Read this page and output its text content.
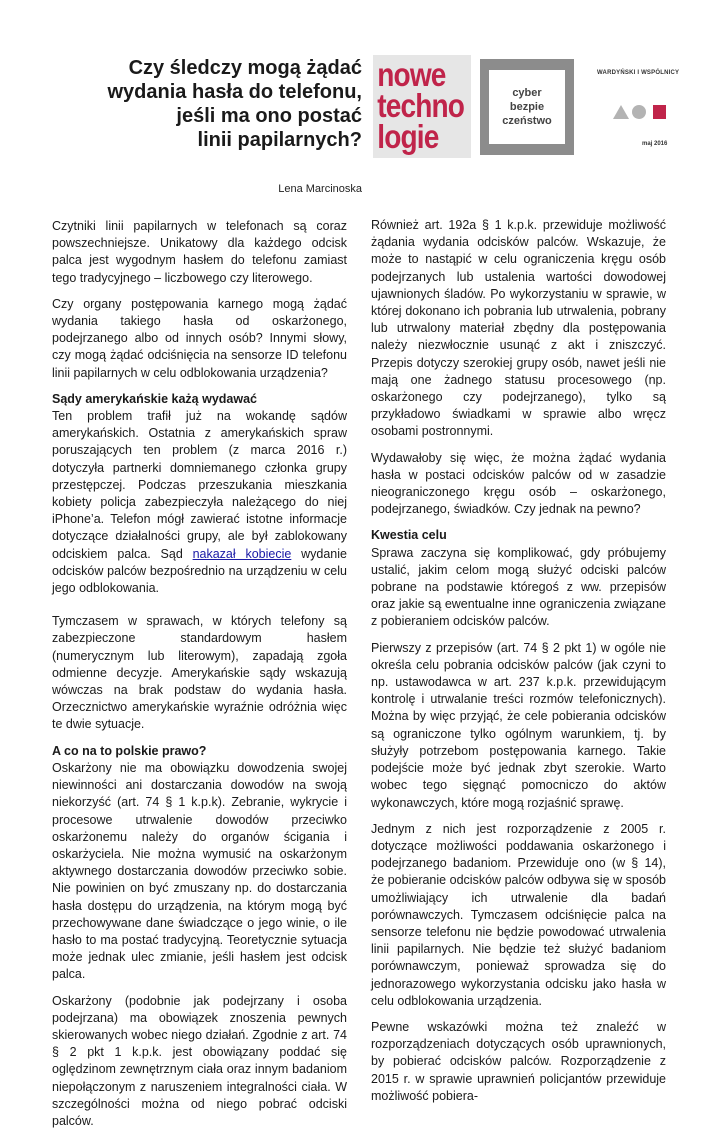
Czy śledczy mogą żądać
wydania hasła do telefonu,
jeśli ma ono postać
linii papilarnych?
nowe
techno
logie
cyber
bezpie
czeństwo
WARDYŃSKI I WSPÓLNICY
maj 2016
Lena Marcinoska

Czytniki linii papilarnych w telefonach są coraz powszechniejsze. Unikatowy dla każdego odcisk palca jest wygodnym hasłem do telefonu zamiast tego tradycyjnego – liczbowego czy literowego.

Czy organy postępowania karnego mogą żądać wydania takiego hasła od oskarżonego, podejrzanego albo od innych osób? Innymi słowy, czy mogą żądać odciśnięcia na sensorze ID telefonu linii papilarnych w celu odblokowania urządzenia?

Sądy amerykańskie każą wydawać

Ten problem trafił już na wokandę sądów amerykańskich. Ostatnia z amerykańskich spraw poruszających ten problem (z marca 2016 r.) dotyczyła partnerki domniemanego członka grupy przestępczej. Podczas przeszukania mieszkania kobiety policja zabezpieczyła należącego do niej iPhone’a. Telefon mógł zawierać istotne informacje dotyczące działalności grupy, ale był zablokowany odciskiem palca. Sąd nakazał kobiecie wydanie odcisków palców bezpośrednio na urządzeniu w celu jego odblokowania.

Tymczasem w sprawach, w których telefony są zabezpieczone standardowym hasłem (numerycznym lub literowym), zapadają zgoła odmienne decyzje. Amerykańskie sądy wskazują wówczas na brak podstaw do wydania hasła. Orzecznictwo amerykańskie wyraźnie odróżnia więc te dwie sytuacje.

A co na to polskie prawo?

Oskarżony nie ma obowiązku dowodzenia swojej niewinności ani dostarczania dowodów na swoją niekorzyść (art. 74 § 1 k.p.k). Zebranie, wykrycie i procesowe utrwalenie dowodów przeciwko oskarżonemu należy do organów ścigania i oskarżyciela. Nie można wymusić na oskarżonym aktywnego dostarczania dowodów przeciwko sobie. Nie powinien on być zmuszany np. do dostarczania hasła dostępu do urządzenia, na którym mogą być przechowywane dane świadczące o jego winie, o ile hasło to ma postać tradycyjną. Teoretycznie sytuacja może jednak ulec zmianie, jeśli hasłem jest odcisk palca.

Oskarżony (podobnie jak podejrzany i osoba podejrzana) ma obowiązek znoszenia pewnych skierowanych wobec niego działań. Zgodnie z art. 74 § 2 pkt 1 k.p.k. jest obowiązany poddać się oględzinom zewnętrznym ciała oraz innym badaniom niepołączonym z naruszeniem integralności ciała. W szczególności można od niego pobrać odciski palców.

Również art. 192a § 1 k.p.k. przewiduje możliwość żądania wydania odcisków palców. Wskazuje, że może to nastąpić w celu ograniczenia kręgu osób podejrzanych lub ustalenia wartości dowodowej ujawnionych śladów. Po wykorzystaniu w sprawie, w której dokonano ich pobrania lub utrwalenia, pobrany lub utrwalony materiał zbędny dla postępowania należy niezwłocznie usunąć z akt i zniszczyć. Przepis dotyczy szerokiej grupy osób, nawet jeśli nie mają one żadnego statusu procesowego (np. oskarżonego czy podejrzanego), tylko są przykładowo świadkami w sprawie albo wręcz osobami postronnymi.

Wydawałoby się więc, że można żądać wydania hasła w postaci odcisków palców od w zasadzie nieograniczonego kręgu osób – oskarżonego, podejrzanego, świadków. Czy jednak na pewno?

Kwestia celu

Sprawa zaczyna się komplikować, gdy próbujemy ustalić, jakim celom mogą służyć odciski palców pobrane na podstawie któregoś z ww. przepisów oraz jakie są ewentualne inne ograniczenia związane z pobieraniem odcisków palców.

Pierwszy z przepisów (art. 74 § 2 pkt 1) w ogóle nie określa celu pobrania odcisków palców (jak czyni to np. ustawodawca w art. 237 k.p.k. przewidującym kontrolę i utrwalanie treści rozmów telefonicznych). Można by więc przyjąć, że cele pobierania odcisków są ograniczone tylko ogólnym warunkiem, tj. by służyły potrzebom postępowania karnego. Takie podejście może być jednak zbyt szerokie. Warto wobec tego sięgnąć pomocniczo do aktów wykonawczych, które mogą rozjaśnić sprawę.

Jednym z nich jest rozporządzenie z 2005 r. dotyczące możliwości poddawania oskarżonego i podejrzanego badaniom. Przewiduje ono (w § 14), że pobieranie odcisków palców odbywa się w sposób umożliwiający ich utrwalenie dla badań porównawczych. Tymczasem odciśnięcie palca na sensorze telefonu nie będzie powodować utrwalenia linii papilarnych. Nie będzie też służyć badaniom porównawczym, ponieważ sprowadza się do jednorazowego wykorzystania odcisku jako hasła w celu odblokowania urządzenia.

Pewne wskazówki można też znaleźć w rozporządzeniach dotyczących osób uprawnionych, by pobierać odcisków palców. Rozporządzenie z 2015 r. w sprawie uprawnień policjantów przewiduje możliwość pobiera-
